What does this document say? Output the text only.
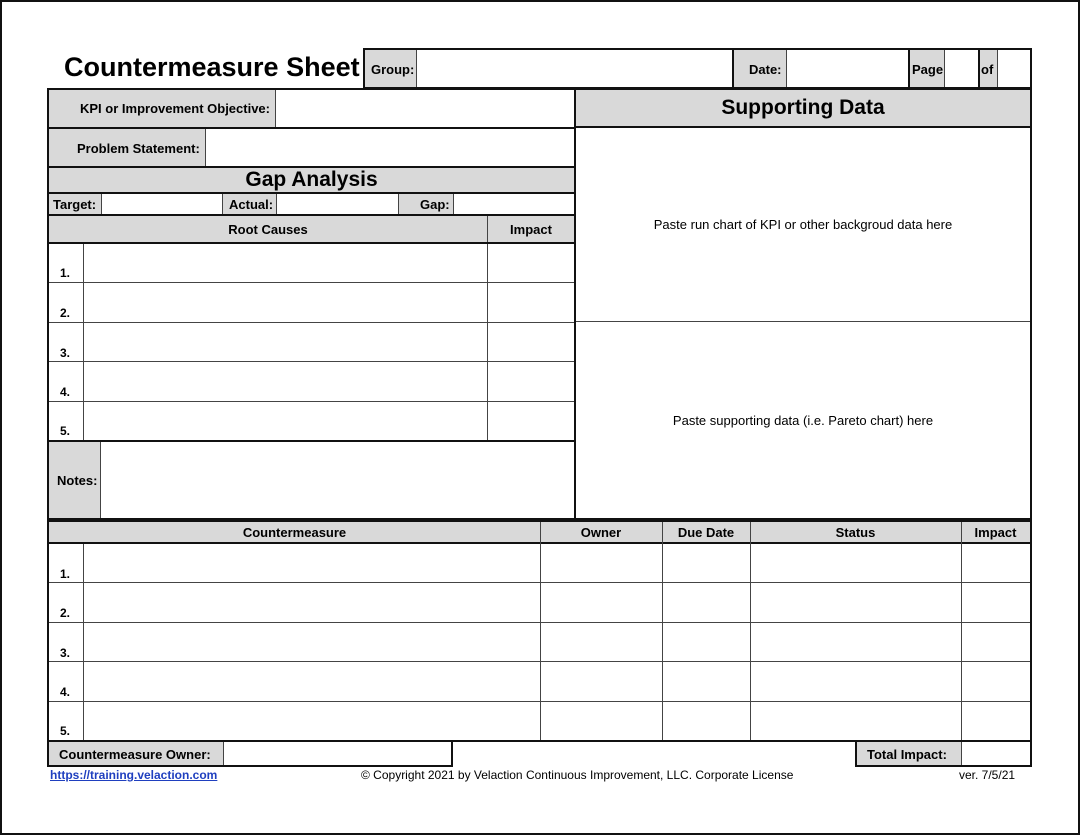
Countermeasure Sheet Group:	Date:	Page	of
KPI or Improvement Objective:
Problem Statement:
Gap Analysis
Target:	Actual:	Gap:
Root Causes	Impact
1.
2.
3.
4.
5.
Notes:
Supporting Data
Paste run chart of KPI or other backgroud data here
Paste supporting data (i.e. Pareto chart) here
Countermeasure	Owner	Due Date	Status	Impact
1.
2.
3.
4.
5.
Countermeasure Owner:	Total Impact:
https://training.velaction.com	© Copyright 2021 by Velaction Continuous Improvement, LLC. Corporate License	ver. 7/5/21
